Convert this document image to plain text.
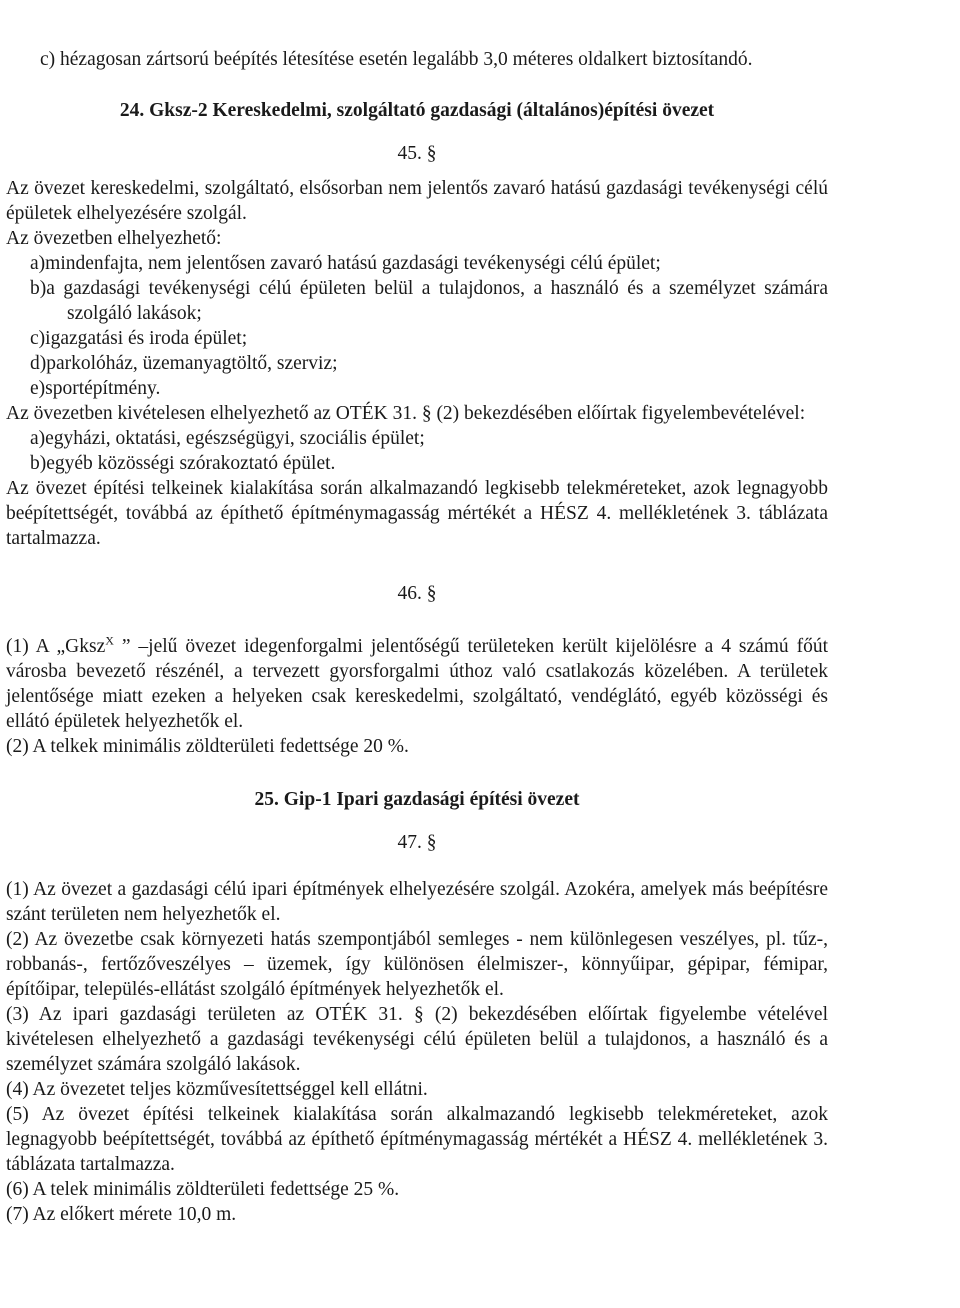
c) hézagosan zártsorú beépítés létesítése esetén legalább 3,0 méteres oldalkert biztosítandó.

24. Gksz-2 Kereskedelmi, szolgáltató gazdasági (általános)építési övezet

45. §

Az övezet kereskedelmi, szolgáltató, elsősorban nem jelentős zavaró hatású gazdasági tevékenységi célú épületek elhelyezésére szolgál.

Az övezetben elhelyezhető:

a)mindenfajta, nem jelentősen zavaró hatású gazdasági tevékenységi célú épület;

b)a gazdasági tevékenységi célú épületen belül a tulajdonos, a használó és a személyzet számára szolgáló lakások;

c)igazgatási és iroda épület;

d)parkolóház, üzemanyagtöltő, szerviz;

e)sportépítmény.

Az övezetben kivételesen elhelyezhető az OTÉK 31. § (2) bekezdésében előírtak figyelembevételével:

a)egyházi, oktatási, egészségügyi, szociális épület;

b)egyéb közösségi szórakoztató épület.

Az övezet építési telkeinek kialakítása során alkalmazandó legkisebb telekméreteket, azok legnagyobb beépítettségét, továbbá az építhető építménymagasság mértékét a HÉSZ 4. mellékletének 3. táblázata tartalmazza.

46. §

(1) A „Gksz$^X$ ” –jelű övezet idegenforgalmi jelentőségű területeken került kijelölésre a 4 számú főút városba bevezető részénél, a tervezett gyorsforgalmi úthoz való csatlakozás közelében. A területek jelentősége miatt ezeken a helyeken csak kereskedelmi, szolgáltató, vendéglátó, egyéb közösségi és ellátó épületek helyezhetők el.

(2) A telkek minimális zöldterületi fedettsége 20 %.

25. Gip-1 Ipari gazdasági építési övezet

47. §

(1) Az övezet a gazdasági célú ipari építmények elhelyezésére szolgál. Azokéra, amelyek más beépítésre szánt területen nem helyezhetők el.

(2) Az övezetbe csak környezeti hatás szempontjából semleges - nem különlegesen veszélyes, pl. tűz-, robbanás-, fertőzőveszélyes – üzemek, így különösen élelmiszer-, könnyűipar, gépipar, fémipar, építőipar, település-ellátást szolgáló építmények helyezhetők el.

(3) Az ipari gazdasági területen az OTÉK 31. § (2) bekezdésében előírtak figyelembe vételével kivételesen elhelyezhető a gazdasági tevékenységi célú épületen belül a tulajdonos, a használó és a személyzet számára szolgáló lakások.

(4) Az övezetet teljes közművesítettséggel kell ellátni.

(5) Az övezet építési telkeinek kialakítása során alkalmazandó legkisebb telekméreteket, azok legnagyobb beépítettségét, továbbá az építhető építménymagasság mértékét a HÉSZ 4. mellékletének 3. táblázata tartalmazza.

(6) A telek minimális zöldterületi fedettsége 25 %.

(7) Az előkert mérete 10,0 m.
